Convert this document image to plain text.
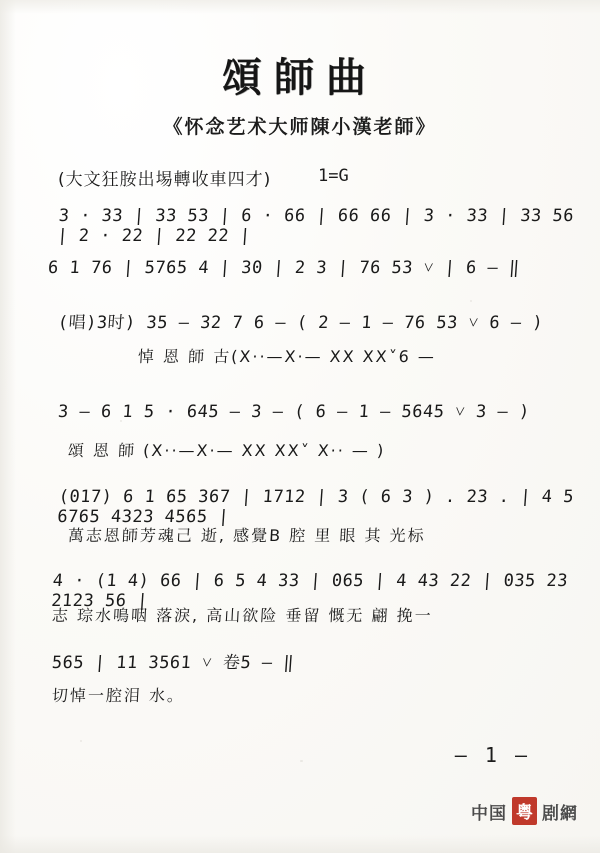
頌師曲
《怀念艺术大师陳小漢老師》
(大文狂胺出埸轉收車四才)	1=G
3 · 33 | 33 53 | 6 · 66 | 66 66 | 3 · 33 | 33 56 | 2 · 22 | 22 22 |
6 1 76 | 5765 4 | 30 | 2 3 | 76 53 ˅ | 6 — ‖
(唱)3时) 35 — 32 7 6 — ( 2 — 1 — 76 53 ˅ 6 — )
悼 恩 師 古(X··—X·— XX XX˅6 —
3 — 6 1 5 · 645 — 3 — ( 6 — 1 — 5645 ˅ 3 — )
頌 恩 師 (X··—X·— XX XX˅ X·· — )
(017) 6 1 65 367 | 1712 | 3 ( 6 3 ) . 23 . | 4 5 6765 4323 4565 |
萬志恩師芳魂己 逝, 感覺B 腔 里 眼 其 光标
4 · (1 4) 66 | 6 5 4 33 | 065 | 4 43 22 | 035 23 2123 56 |
志 琮水鳴咽 落淚, 高山欲险 垂留 慨无 翩 挽一
565 | 11 3561 ˅ 卷5 — ‖
切悼一腔泪 水。
— 1 —
中国 粤 剧網
